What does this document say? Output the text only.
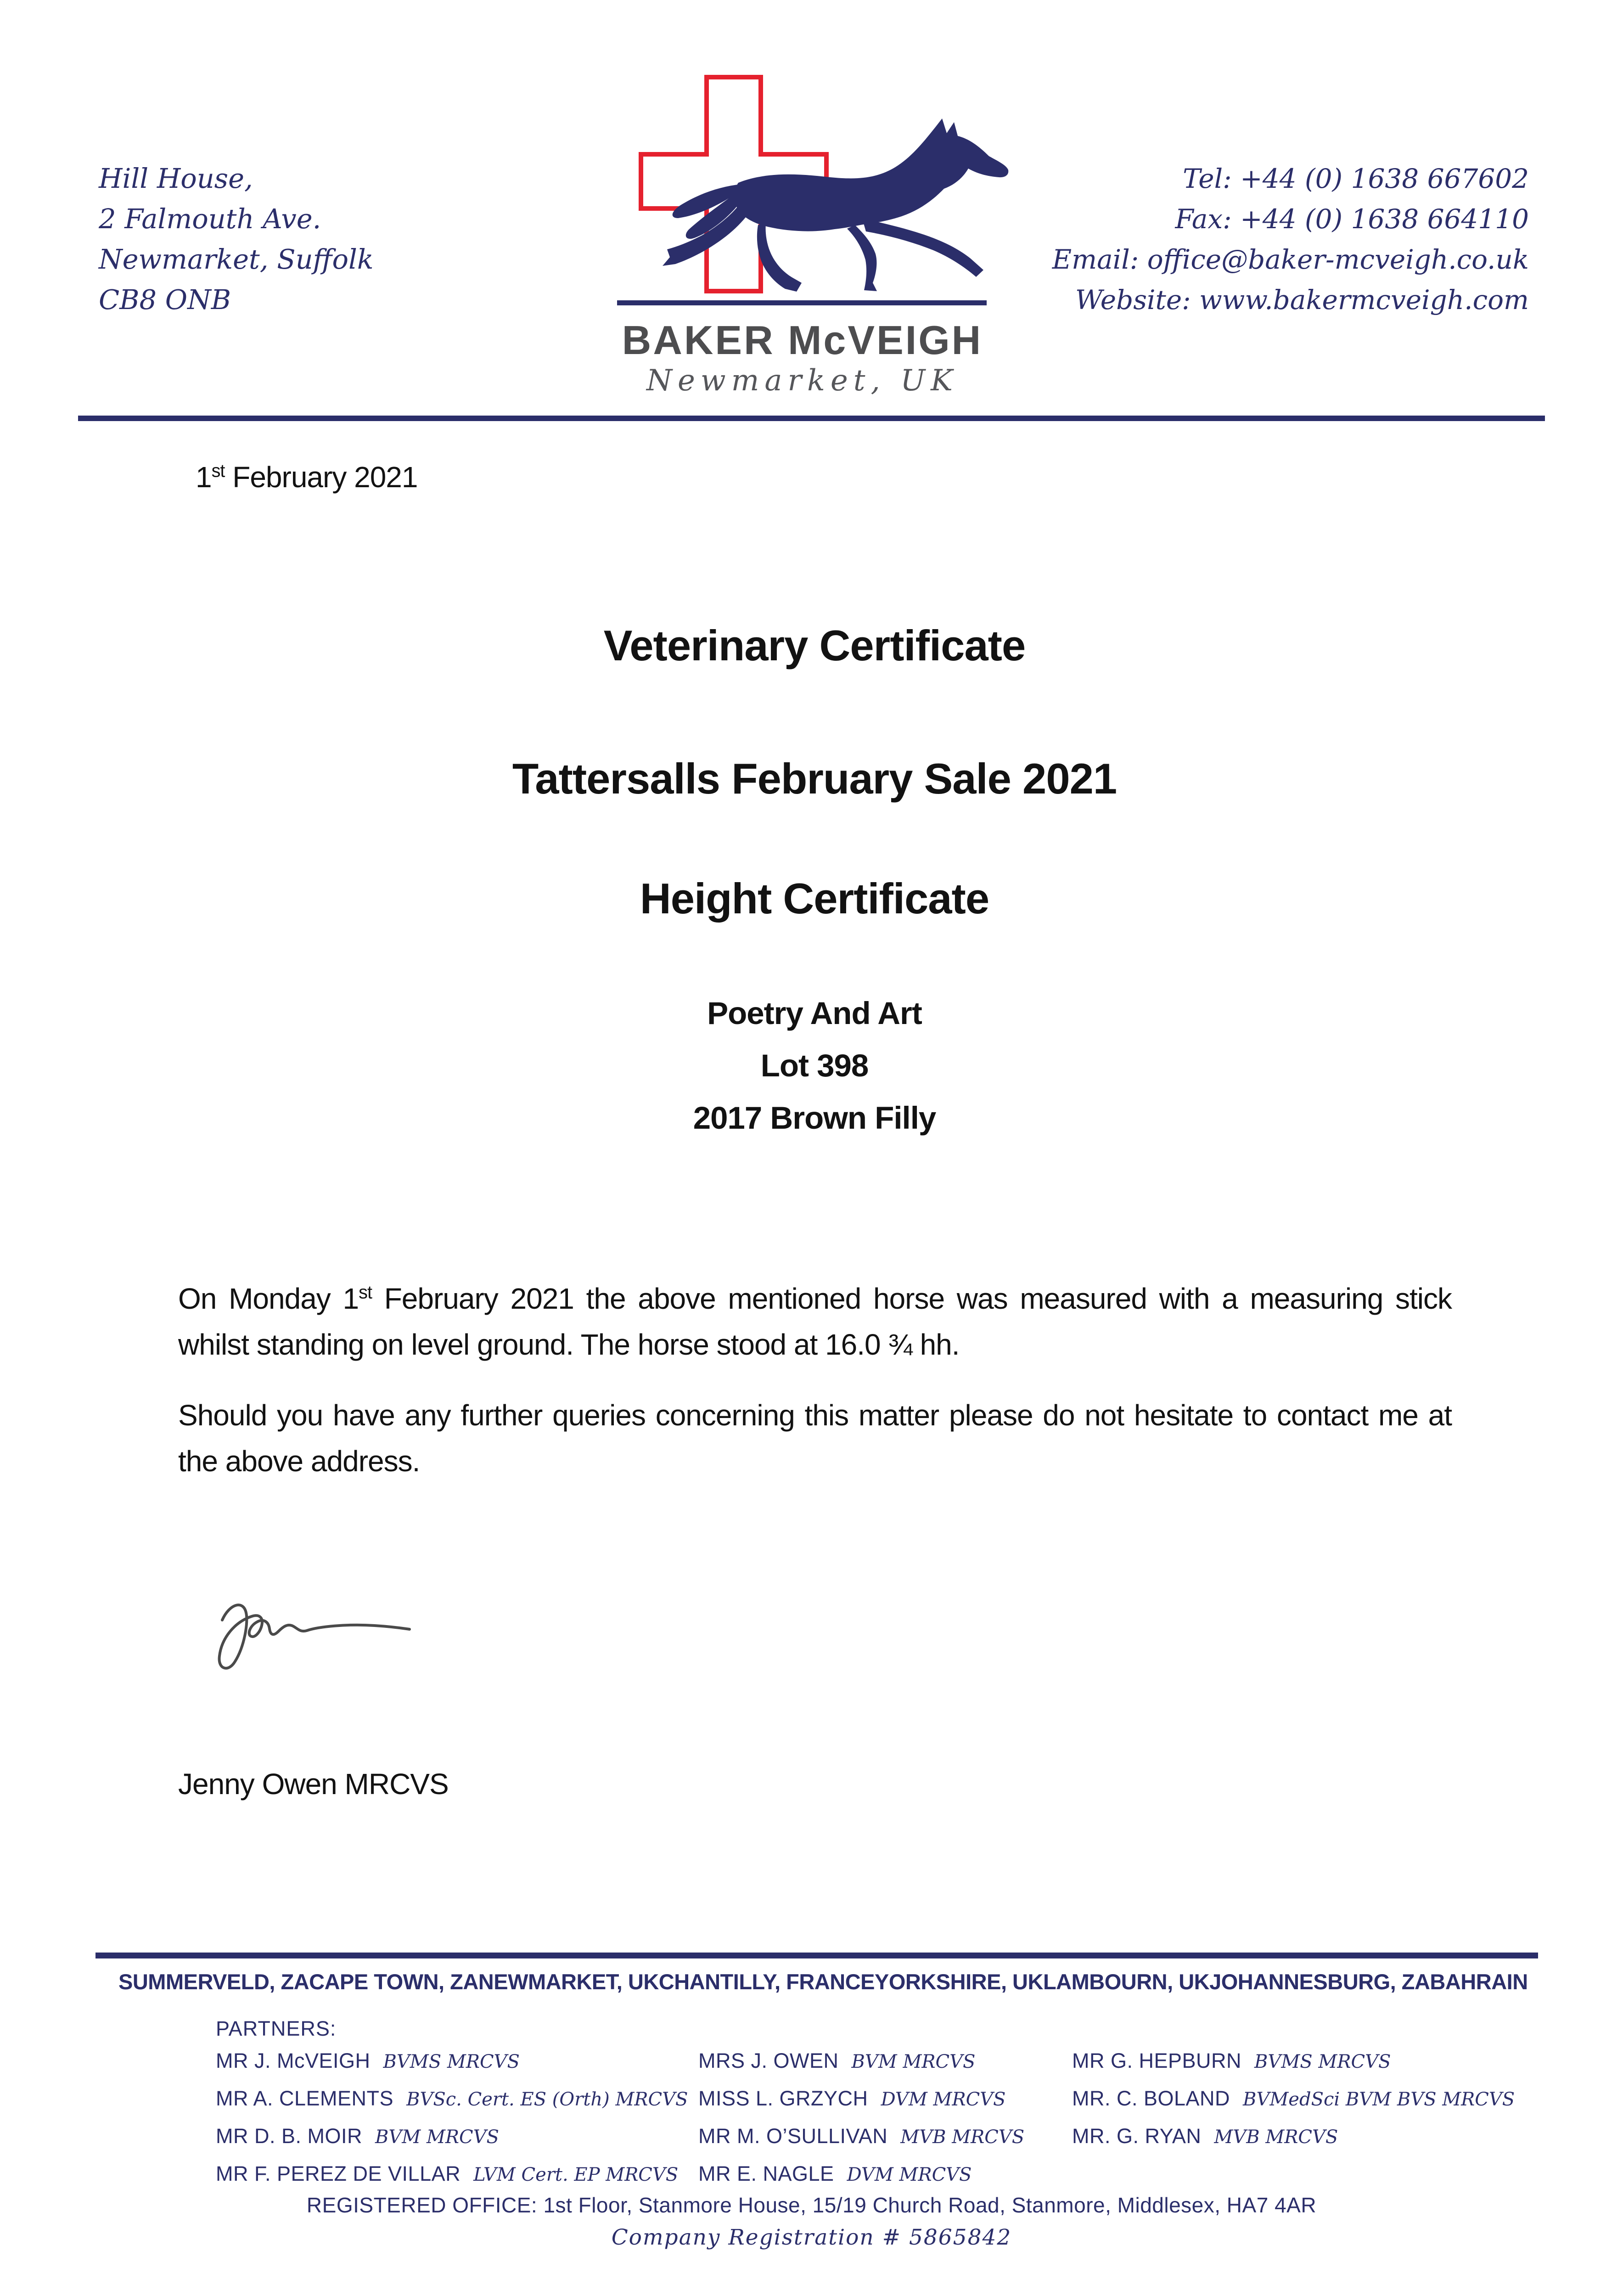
Hill House,
2 Falmouth Ave.
Newmarket, Suffolk
CB8 ONB
Tel: +44 (0) 1638 667602
Fax: +44 (0) 1638 664110
Email: office@baker-mcveigh.co.uk
Website: www.bakermcveigh.com
BAKER McVEIGH
Newmarket, UK
1st February 2021
Veterinary Certificate
Tattersalls February Sale 2021
Height Certificate
Poetry And Art
Lot 398
2017 Brown Filly
On Monday 1st February 2021 the above mentioned horse was measured with a measuring stick whilst standing on level ground. The horse stood at 16.0 ¾ hh.
Should you have any further queries concerning this matter please do not hesitate to contact me at the above address.
Jenny Owen MRCVS
SUMMERVELD, ZA CAPE TOWN, ZA NEWMARKET, UK CHANTILLY, FRANCE YORKSHIRE, UK LAMBOURN, UK JOHANNESBURG, ZA BAHRAIN
PARTNERS:
MR J. McVEIGH BVMS MRCVS
MR A. CLEMENTS BVSc. Cert. ES (Orth) MRCVS
MR D. B. MOIR BVM MRCVS
MR F. PEREZ DE VILLAR LVM Cert. EP MRCVS
MRS J. OWEN BVM MRCVS
MISS L. GRZYCH DVM MRCVS
MR M. O’SULLIVAN MVB MRCVS
MR E. NAGLE DVM MRCVS
MR G. HEPBURN BVMS MRCVS
MR. C. BOLAND BVMedSci BVM BVS MRCVS
MR. G. RYAN MVB MRCVS
REGISTERED OFFICE: 1st Floor, Stanmore House, 15/19 Church Road, Stanmore, Middlesex, HA7 4AR
Company Registration # 5865842
